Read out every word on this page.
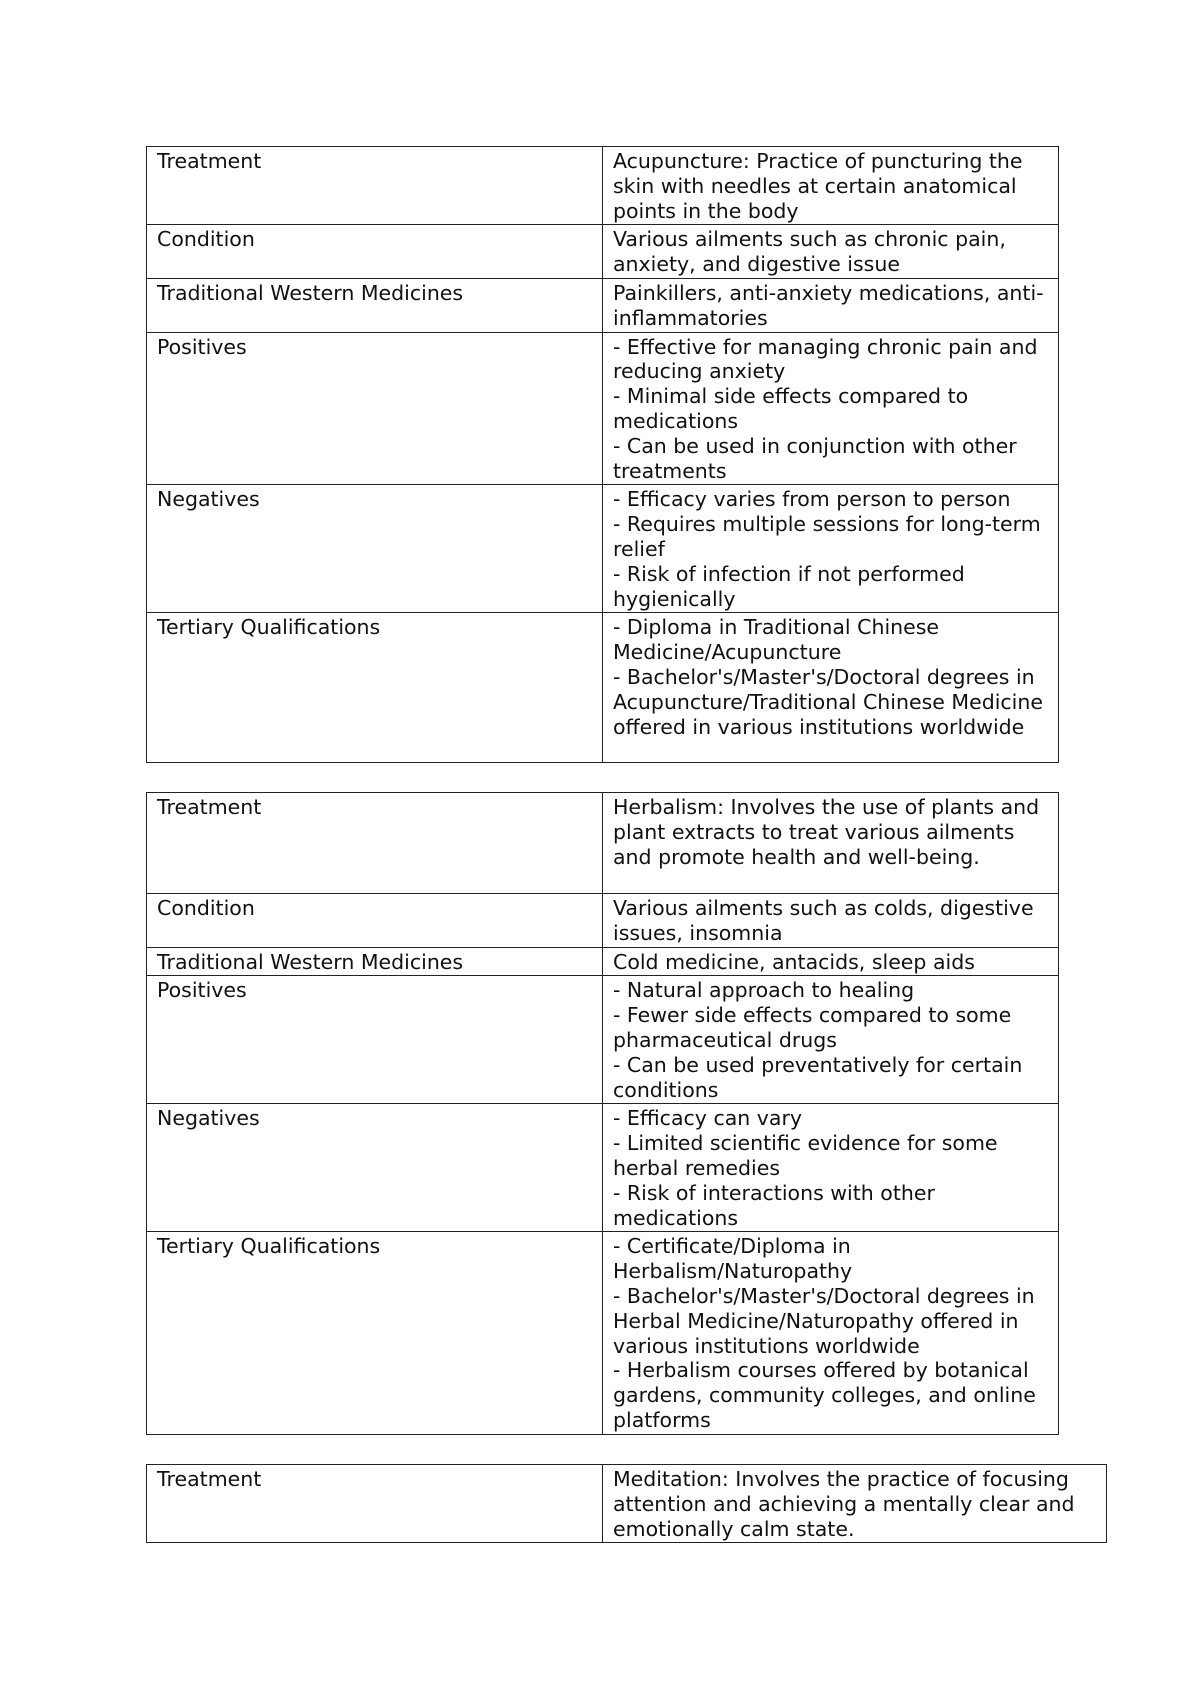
Treatment	Acupuncture: Practice of puncturing the skin with needles at certain anatomical points in the body
Condition	Various ailments such as chronic pain, anxiety, and digestive issue
Traditional Western Medicines	Painkillers, anti-anxiety medications, anti-inflammatories
Positives	- Effective for managing chronic pain and reducing anxiety
- Minimal side effects compared to medications
- Can be used in conjunction with other treatments
Negatives	- Efficacy varies from person to person
- Requires multiple sessions for long-term relief
- Risk of infection if not performed hygienically
Tertiary Qualifications	- Diploma in Traditional Chinese Medicine/Acupuncture
- Bachelor's/Master's/Doctoral degrees in Acupuncture/Traditional Chinese Medicine offered in various institutions worldwide
Treatment	Herbalism: Involves the use of plants and plant extracts to treat various ailments and promote health and well-being.
Condition	Various ailments such as colds, digestive issues, insomnia
Traditional Western Medicines	Cold medicine, antacids, sleep aids
Positives	- Natural approach to healing
- Fewer side effects compared to some pharmaceutical drugs
- Can be used preventatively for certain conditions
Negatives	- Efficacy can vary
- Limited scientific evidence for some herbal remedies
- Risk of interactions with other medications
Tertiary Qualifications	- Certificate/Diploma in Herbalism/Naturopathy
- Bachelor's/Master's/Doctoral degrees in Herbal Medicine/Naturopathy offered in various institutions worldwide
- Herbalism courses offered by botanical gardens, community colleges, and online platforms
Treatment	Meditation: Involves the practice of focusing attention and achieving a mentally clear and emotionally calm state.
